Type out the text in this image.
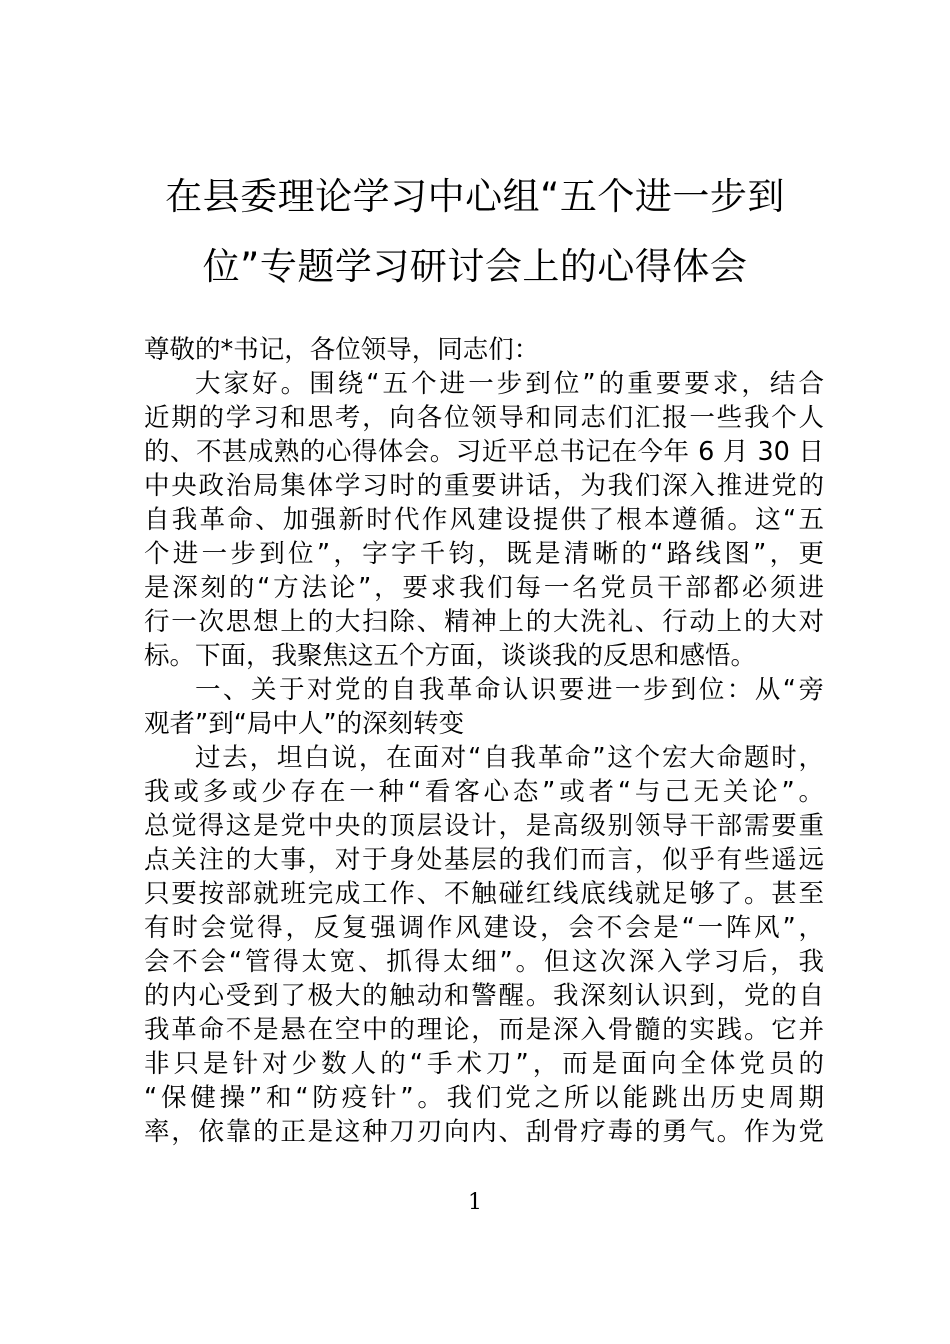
在县委理论学习中心组“五个进一步到
位”专题学习研讨会上的心得体会
尊敬的*书记，各位领导，同志们：
大家好。围绕“五个进一步到位”的重要要求，结合
近期的学习和思考，向各位领导和同志们汇报一些我个人
的、不甚成熟的心得体会。习近平总书记在今年 6 月 30 日
中央政治局集体学习时的重要讲话，为我们深入推进党的
自我革命、加强新时代作风建设提供了根本遵循。这“五
个进一步到位”，字字千钧，既是清晰的“路线图”，更
是深刻的“方法论”，要求我们每一名党员干部都必须进
行一次思想上的大扫除、精神上的大洗礼、行动上的大对
标。下面，我聚焦这五个方面，谈谈我的反思和感悟。
一、关于对党的自我革命认识要进一步到位：从“旁
观者”到“局中人”的深刻转变
过去，坦白说，在面对“自我革命”这个宏大命题时，
我或多或少存在一种“看客心态”或者“与己无关论”。
总觉得这是党中央的顶层设计，是高级别领导干部需要重
点关注的大事，对于身处基层的我们而言，似乎有些遥远
只要按部就班完成工作、不触碰红线底线就足够了。甚至
有时会觉得，反复强调作风建设，会不会是“一阵风”，
会不会“管得太宽、抓得太细”。但这次深入学习后，我
的内心受到了极大的触动和警醒。我深刻认识到，党的自
我革命不是悬在空中的理论，而是深入骨髓的实践。它并
非只是针对少数人的“手术刀”，而是面向全体党员的
“保健操”和“防疫针”。我们党之所以能跳出历史周期
率，依靠的正是这种刀刃向内、刮骨疗毒的勇气。作为党
1
